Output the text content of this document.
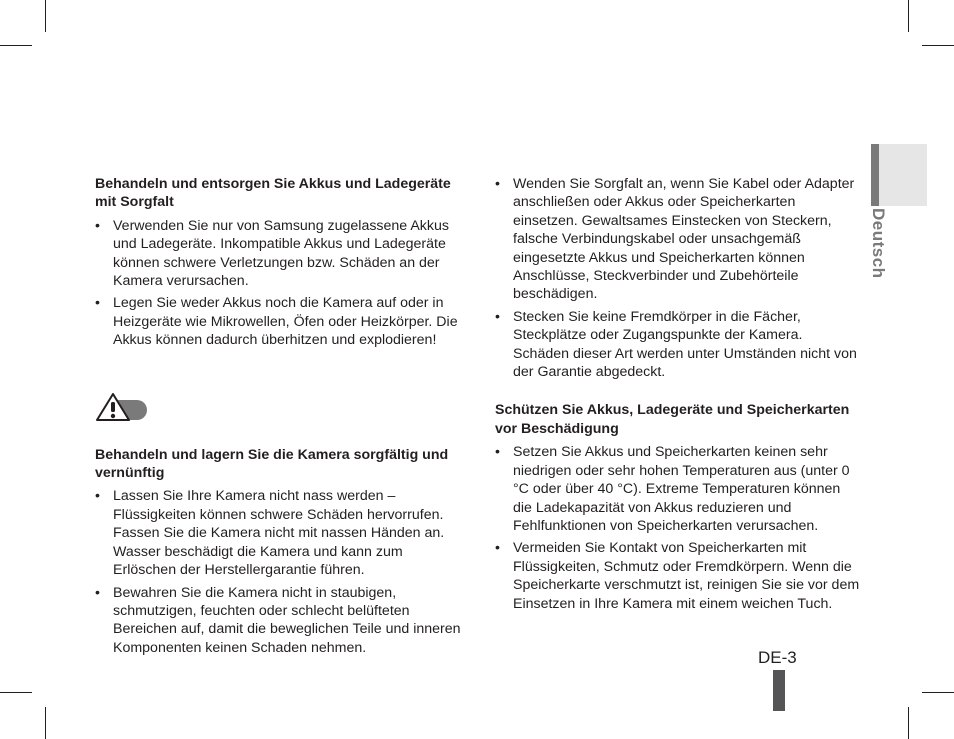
Deutsch
Behandeln und entsorgen Sie Akkus und Ladegeräte mit Sorgfalt
• Verwenden Sie nur von Samsung zugelassene Akkus und Ladegeräte. Inkompatible Akkus und Ladegeräte können schwere Verletzungen bzw. Schäden an der Kamera verursachen.
• Legen Sie weder Akkus noch die Kamera auf oder in Heizgeräte wie Mikrowellen, Öfen oder Heizkörper. Die Akkus können dadurch überhitzen und explodieren!
Behandeln und lagern Sie die Kamera sorgfältig und vernünftig
• Lassen Sie Ihre Kamera nicht nass werden – Flüssigkeiten können schwere Schäden hervorrufen. Fassen Sie die Kamera nicht mit nassen Händen an. Wasser beschädigt die Kamera und kann zum Erlöschen der Herstellergarantie führen.
• Bewahren Sie die Kamera nicht in staubigen, schmutzigen, feuchten oder schlecht belüfteten Bereichen auf, damit die beweglichen Teile und inneren Komponenten keinen Schaden nehmen.
• Wenden Sie Sorgfalt an, wenn Sie Kabel oder Adapter anschließen oder Akkus oder Speicherkarten einsetzen. Gewaltsames Einstecken von Steckern, falsche Verbindungskabel oder unsachgemäß eingesetzte Akkus und Speicherkarten können Anschlüsse, Steckverbinder und Zubehörteile beschädigen.
• Stecken Sie keine Fremdkörper in die Fächer, Steckplätze oder Zugangspunkte der Kamera. Schäden dieser Art werden unter Umständen nicht von der Garantie abgedeckt.
Schützen Sie Akkus, Ladegeräte und Speicherkarten vor Beschädigung
• Setzen Sie Akkus und Speicherkarten keinen sehr niedrigen oder sehr hohen Temperaturen aus (unter 0 °C oder über 40 °C). Extreme Temperaturen können die Ladekapazität von Akkus reduzieren und Fehlfunktionen von Speicherkarten verursachen.
• Vermeiden Sie Kontakt von Speicherkarten mit Flüssigkeiten, Schmutz oder Fremdkörpern. Wenn die Speicherkarte verschmutzt ist, reinigen Sie sie vor dem Einsetzen in Ihre Kamera mit einem weichen Tuch.
DE-3
